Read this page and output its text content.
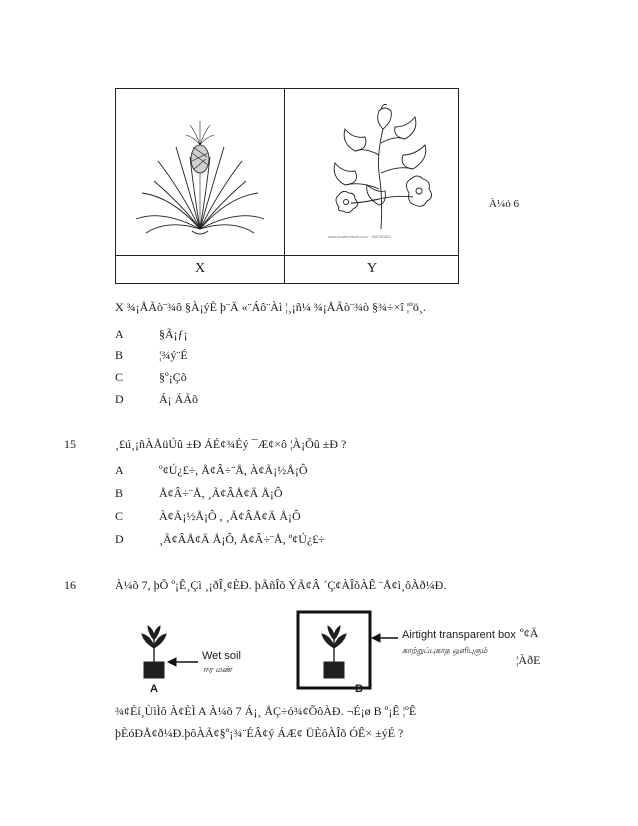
www.shutterstock.com · 365750822
X	Y
À¼ó 6
X ¾¡ÅÃò¨¾ô §À¡ýÈ þ¨Ä «¨Áô¨Àì ¦¸¡ñ¼ ¾¡ÅÃò¨¾ò §¾÷×î ¦ºö¸.
A	§Ã¡ƒ¡
B	¦¾ý¨É
C	§º¡Çõ
D	Á¡ ÁÃõ
15	¸£ú¸¡ñÀÅüÚû ±Ð ÁÉ¢¾Éý ¯Æ¢×ô ¦À¡Õû ±Ð ?
A	º¢Ú¿£÷, Å¢Â÷¨Å, À¢Ã¡½Å¡Ô
B	Å¢Â÷¨Å, ¸Ã¢ÂÅ¢Ä Å¡Ô
C	À¢Ã¡½Å¡Ô , ¸Ã¢ÂÅ¢Ä Å¡Ô
D	¸Ã¢ÂÅ¢Ä Å¡Ô, Å¢Â÷¨Å, º¢Ú¿£÷
16	À¼õ 7, þÕ º¡Ê¸Çì ¸¡ðÎ¸¢ÈÐ. þÃñÎõ ÝÃ¢Â ´Ç¢ÀÎõÀÊ ¨Å¢ì¸ôÀð¼Ð.
º¢Ä
¦ÀðE
Wet soil
ஈர மண்
Airtight transparent box
காற்றுப்புகாத ஒளிபுகும்
A	B
¾¢Éí¸ÙìÌô À¢ÈÌ A À¼õ 7 Á¡¸ ÅÇ÷ó¾¢ÕôÀÐ. ¬É¡ø B º¡Ê ¦ºÊ
þÈóÐÅ¢ð¼Ð.þôÀÃ¢§º¡¾¨ÉÂ¢ý ÁÆ¢ ÜÈôÀÎõ ÓÊ× ±ýÉ ?
